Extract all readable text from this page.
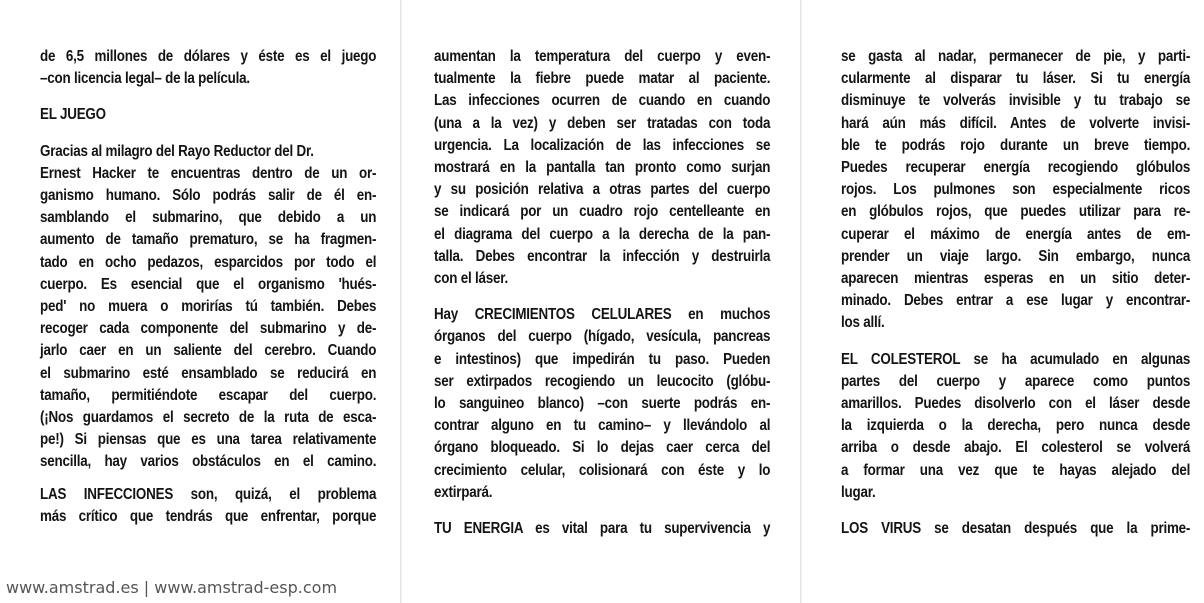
de 6,5 millones de dólares y éste es el juego
–con licencia legal– de la película.
EL JUEGO
Gracias al milagro del Rayo Reductor del Dr.
Ernest Hacker te encuentras dentro de un or-
ganismo humano. Sólo podrás salir de él en-
samblando el submarino, que debido a un
aumento de tamaño prematuro, se ha fragmen-
tado en ocho pedazos, esparcidos por todo el
cuerpo. Es esencial que el organismo 'hués-
ped' no muera o morirías tú también. Debes
recoger cada componente del submarino y de-
jarlo caer en un saliente del cerebro. Cuando
el submarino esté ensamblado se reducirá en
tamaño, permitiéndote escapar del cuerpo.
(¡Nos guardamos el secreto de la ruta de esca-
pe!) Si piensas que es una tarea relativamente
sencilla, hay varios obstáculos en el camino.
LAS INFECCIONES son, quizá, el problema
más crítico que tendrás que enfrentar, porque
aumentan la temperatura del cuerpo y even-
tualmente la fiebre puede matar al paciente.
Las infecciones ocurren de cuando en cuando
(una a la vez) y deben ser tratadas con toda
urgencia. La localización de las infecciones se
mostrará en la pantalla tan pronto como surjan
y su posición relativa a otras partes del cuerpo
se indicará por un cuadro rojo centelleante en
el diagrama del cuerpo a la derecha de la pan-
talla. Debes encontrar la infección y destruirla
con el láser.
Hay CRECIMIENTOS CELULARES en muchos
órganos del cuerpo (hígado, vesícula, pancreas
e intestinos) que impedirán tu paso. Pueden
ser extirpados recogiendo un leucocito (glóbu-
lo sanguineo blanco) –con suerte podrás en-
contrar alguno en tu camino– y llevándolo al
órgano bloqueado. Si lo dejas caer cerca del
crecimiento celular, colisionará con éste y lo
extirpará.
TU ENERGIA es vital para tu supervivencia y
se gasta al nadar, permanecer de pie, y parti-
cularmente al disparar tu láser. Si tu energía
disminuye te volverás invisible y tu trabajo se
hará aún más difícil. Antes de volverte invisi-
ble te podrás rojo durante un breve tiempo.
Puedes recuperar energía recogiendo glóbulos
rojos. Los pulmones son especialmente ricos
en glóbulos rojos, que puedes utilizar para re-
cuperar el máximo de energía antes de em-
prender un viaje largo. Sin embargo, nunca
aparecen mientras esperas en un sitio deter-
minado. Debes entrar a ese lugar y encontrar-
los allí.
EL COLESTEROL se ha acumulado en algunas
partes del cuerpo y aparece como puntos
amarillos. Puedes disolverlo con el láser desde
la izquierda o la derecha, pero nunca desde
arriba o desde abajo. El colesterol se volverá
a formar una vez que te hayas alejado del
lugar.
LOS VIRUS se desatan después que la prime-
www.amstrad.es | www.amstrad-esp.com
